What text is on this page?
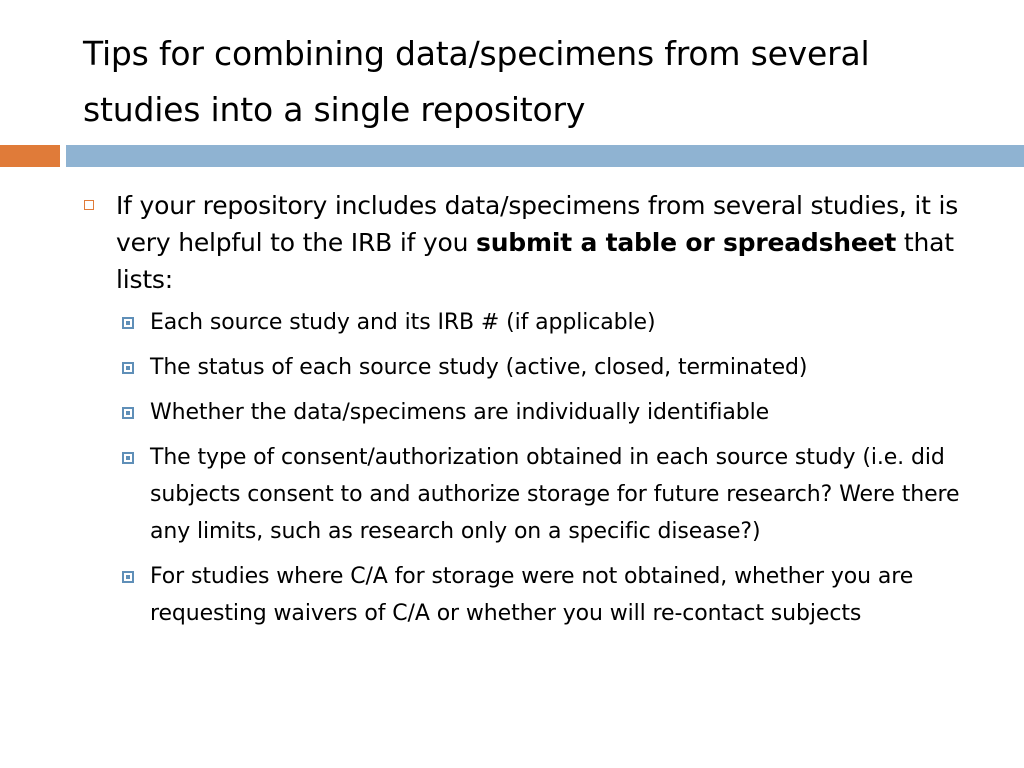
Tips for combining data/specimens from several studies into a single repository
If your repository includes data/specimens from several studies, it is very helpful to the IRB if you submit a table or spreadsheet that lists:
Each source study and its IRB # (if applicable)
The status of each source study (active, closed, terminated)
Whether the data/specimens are individually identifiable
The type of consent/authorization obtained in each source study (i.e. did subjects consent to and authorize storage for future research? Were there any limits, such as research only on a specific disease?)
For studies where C/A for storage were not obtained, whether you are requesting waivers of C/A or whether you will re-contact subjects
